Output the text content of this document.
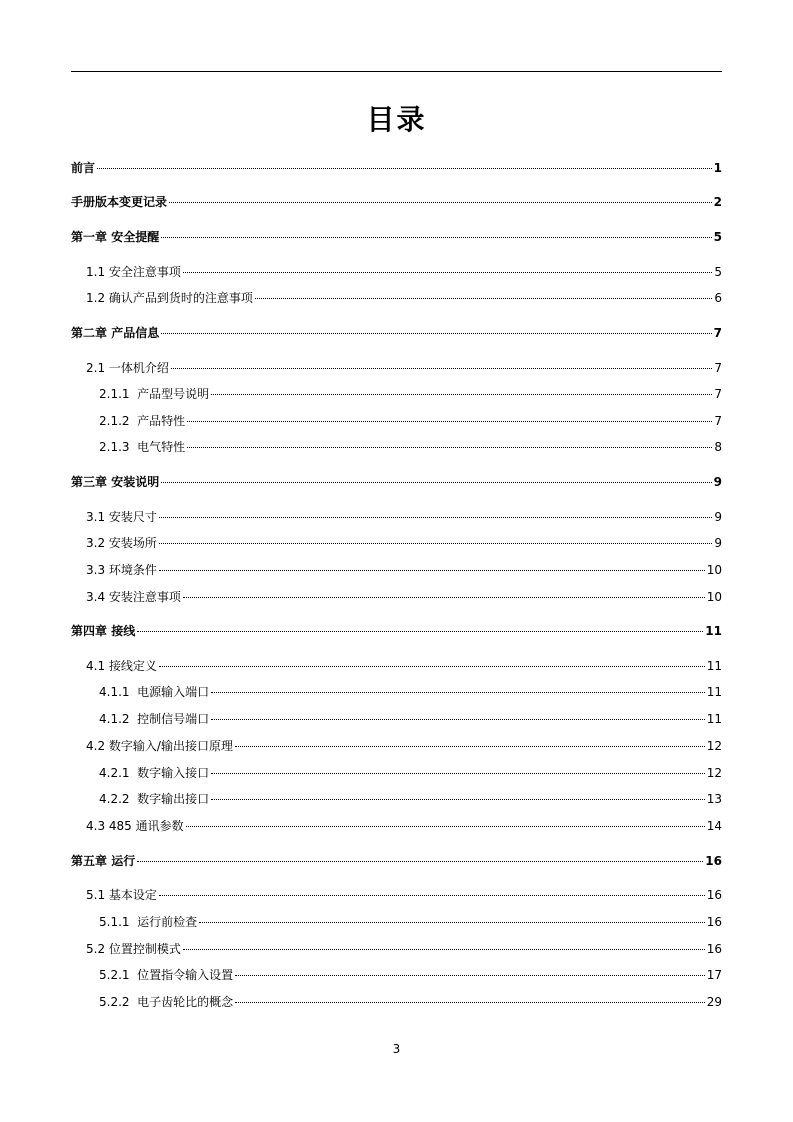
目录
前言	1
手册版本变更记录	2
第一章 安全提醒	5
1.1 安全注意事项	5
1.2 确认产品到货时的注意事项	6
第二章 产品信息	7
2.1 一体机介绍	7
2.1.1 产品型号说明	7
2.1.2 产品特性	7
2.1.3 电气特性	8
第三章 安装说明	9
3.1 安装尺寸	9
3.2 安装场所	9
3.3 环境条件	10
3.4 安装注意事项	10
第四章 接线	11
4.1 接线定义	11
4.1.1 电源输入端口	11
4.1.2 控制信号端口	11
4.2 数字输入/输出接口原理	12
4.2.1 数字输入接口	12
4.2.2 数字输出接口	13
4.3 485 通讯参数	14
第五章 运行	16
5.1 基本设定	16
5.1.1 运行前检查	16
5.2 位置控制模式	16
5.2.1 位置指令输入设置	17
5.2.2 电子齿轮比的概念	29
3
